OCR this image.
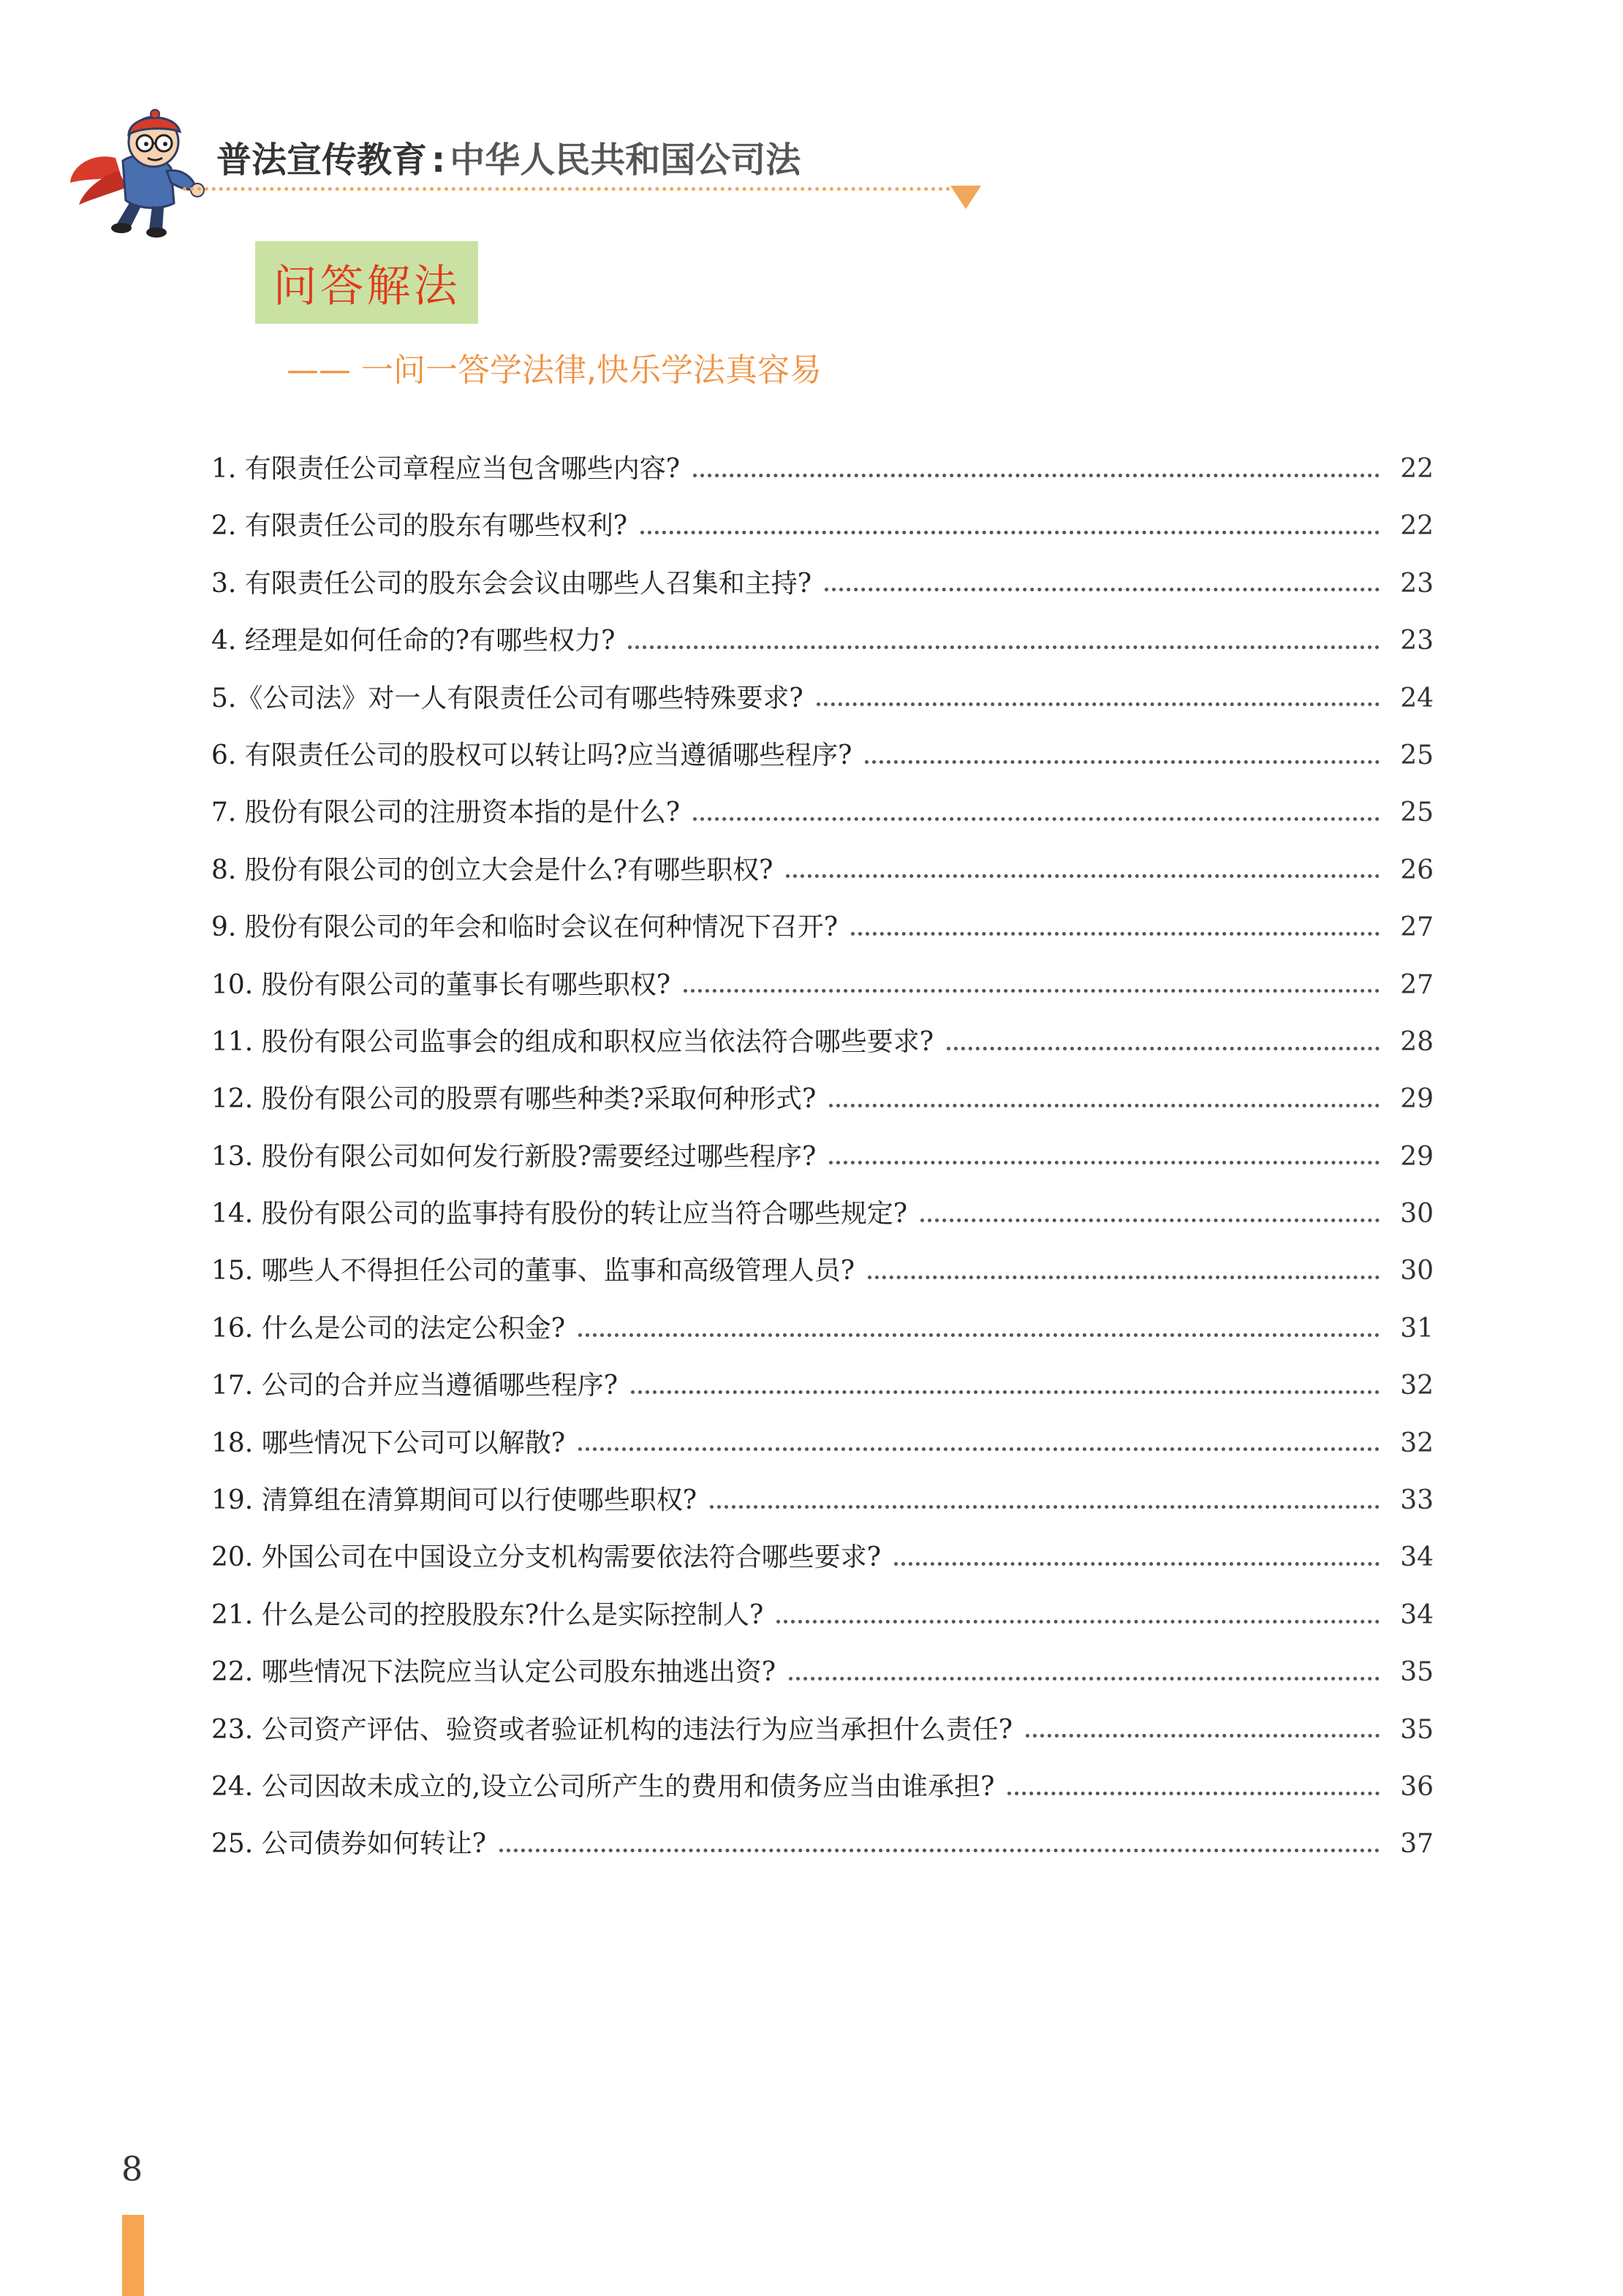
普法宣传教育 : 中华人民共和国公司法
问答解法
—— 一问一答学法律,快乐学法真容易
1. 有限责任公司章程应当包含哪些内容?	22
2. 有限责任公司的股东有哪些权利?	22
3. 有限责任公司的股东会会议由哪些人召集和主持?	23
4. 经理是如何任命的?有哪些权力?	23
5.《公司法》对一人有限责任公司有哪些特殊要求?	24
6. 有限责任公司的股权可以转让吗?应当遵循哪些程序?	25
7. 股份有限公司的注册资本指的是什么?	25
8. 股份有限公司的创立大会是什么?有哪些职权?	26
9. 股份有限公司的年会和临时会议在何种情况下召开?	27
10. 股份有限公司的董事长有哪些职权?	27
11. 股份有限公司监事会的组成和职权应当依法符合哪些要求?	28
12. 股份有限公司的股票有哪些种类?采取何种形式?	29
13. 股份有限公司如何发行新股?需要经过哪些程序?	29
14. 股份有限公司的监事持有股份的转让应当符合哪些规定?	30
15. 哪些人不得担任公司的董事、监事和高级管理人员?	30
16. 什么是公司的法定公积金?	31
17. 公司的合并应当遵循哪些程序?	32
18. 哪些情况下公司可以解散?	32
19. 清算组在清算期间可以行使哪些职权?	33
20. 外国公司在中国设立分支机构需要依法符合哪些要求?	34
21. 什么是公司的控股股东?什么是实际控制人?	34
22. 哪些情况下法院应当认定公司股东抽逃出资?	35
23. 公司资产评估、验资或者验证机构的违法行为应当承担什么责任?	35
24. 公司因故未成立的,设立公司所产生的费用和债务应当由谁承担?	36
25. 公司债券如何转让?	37
8
